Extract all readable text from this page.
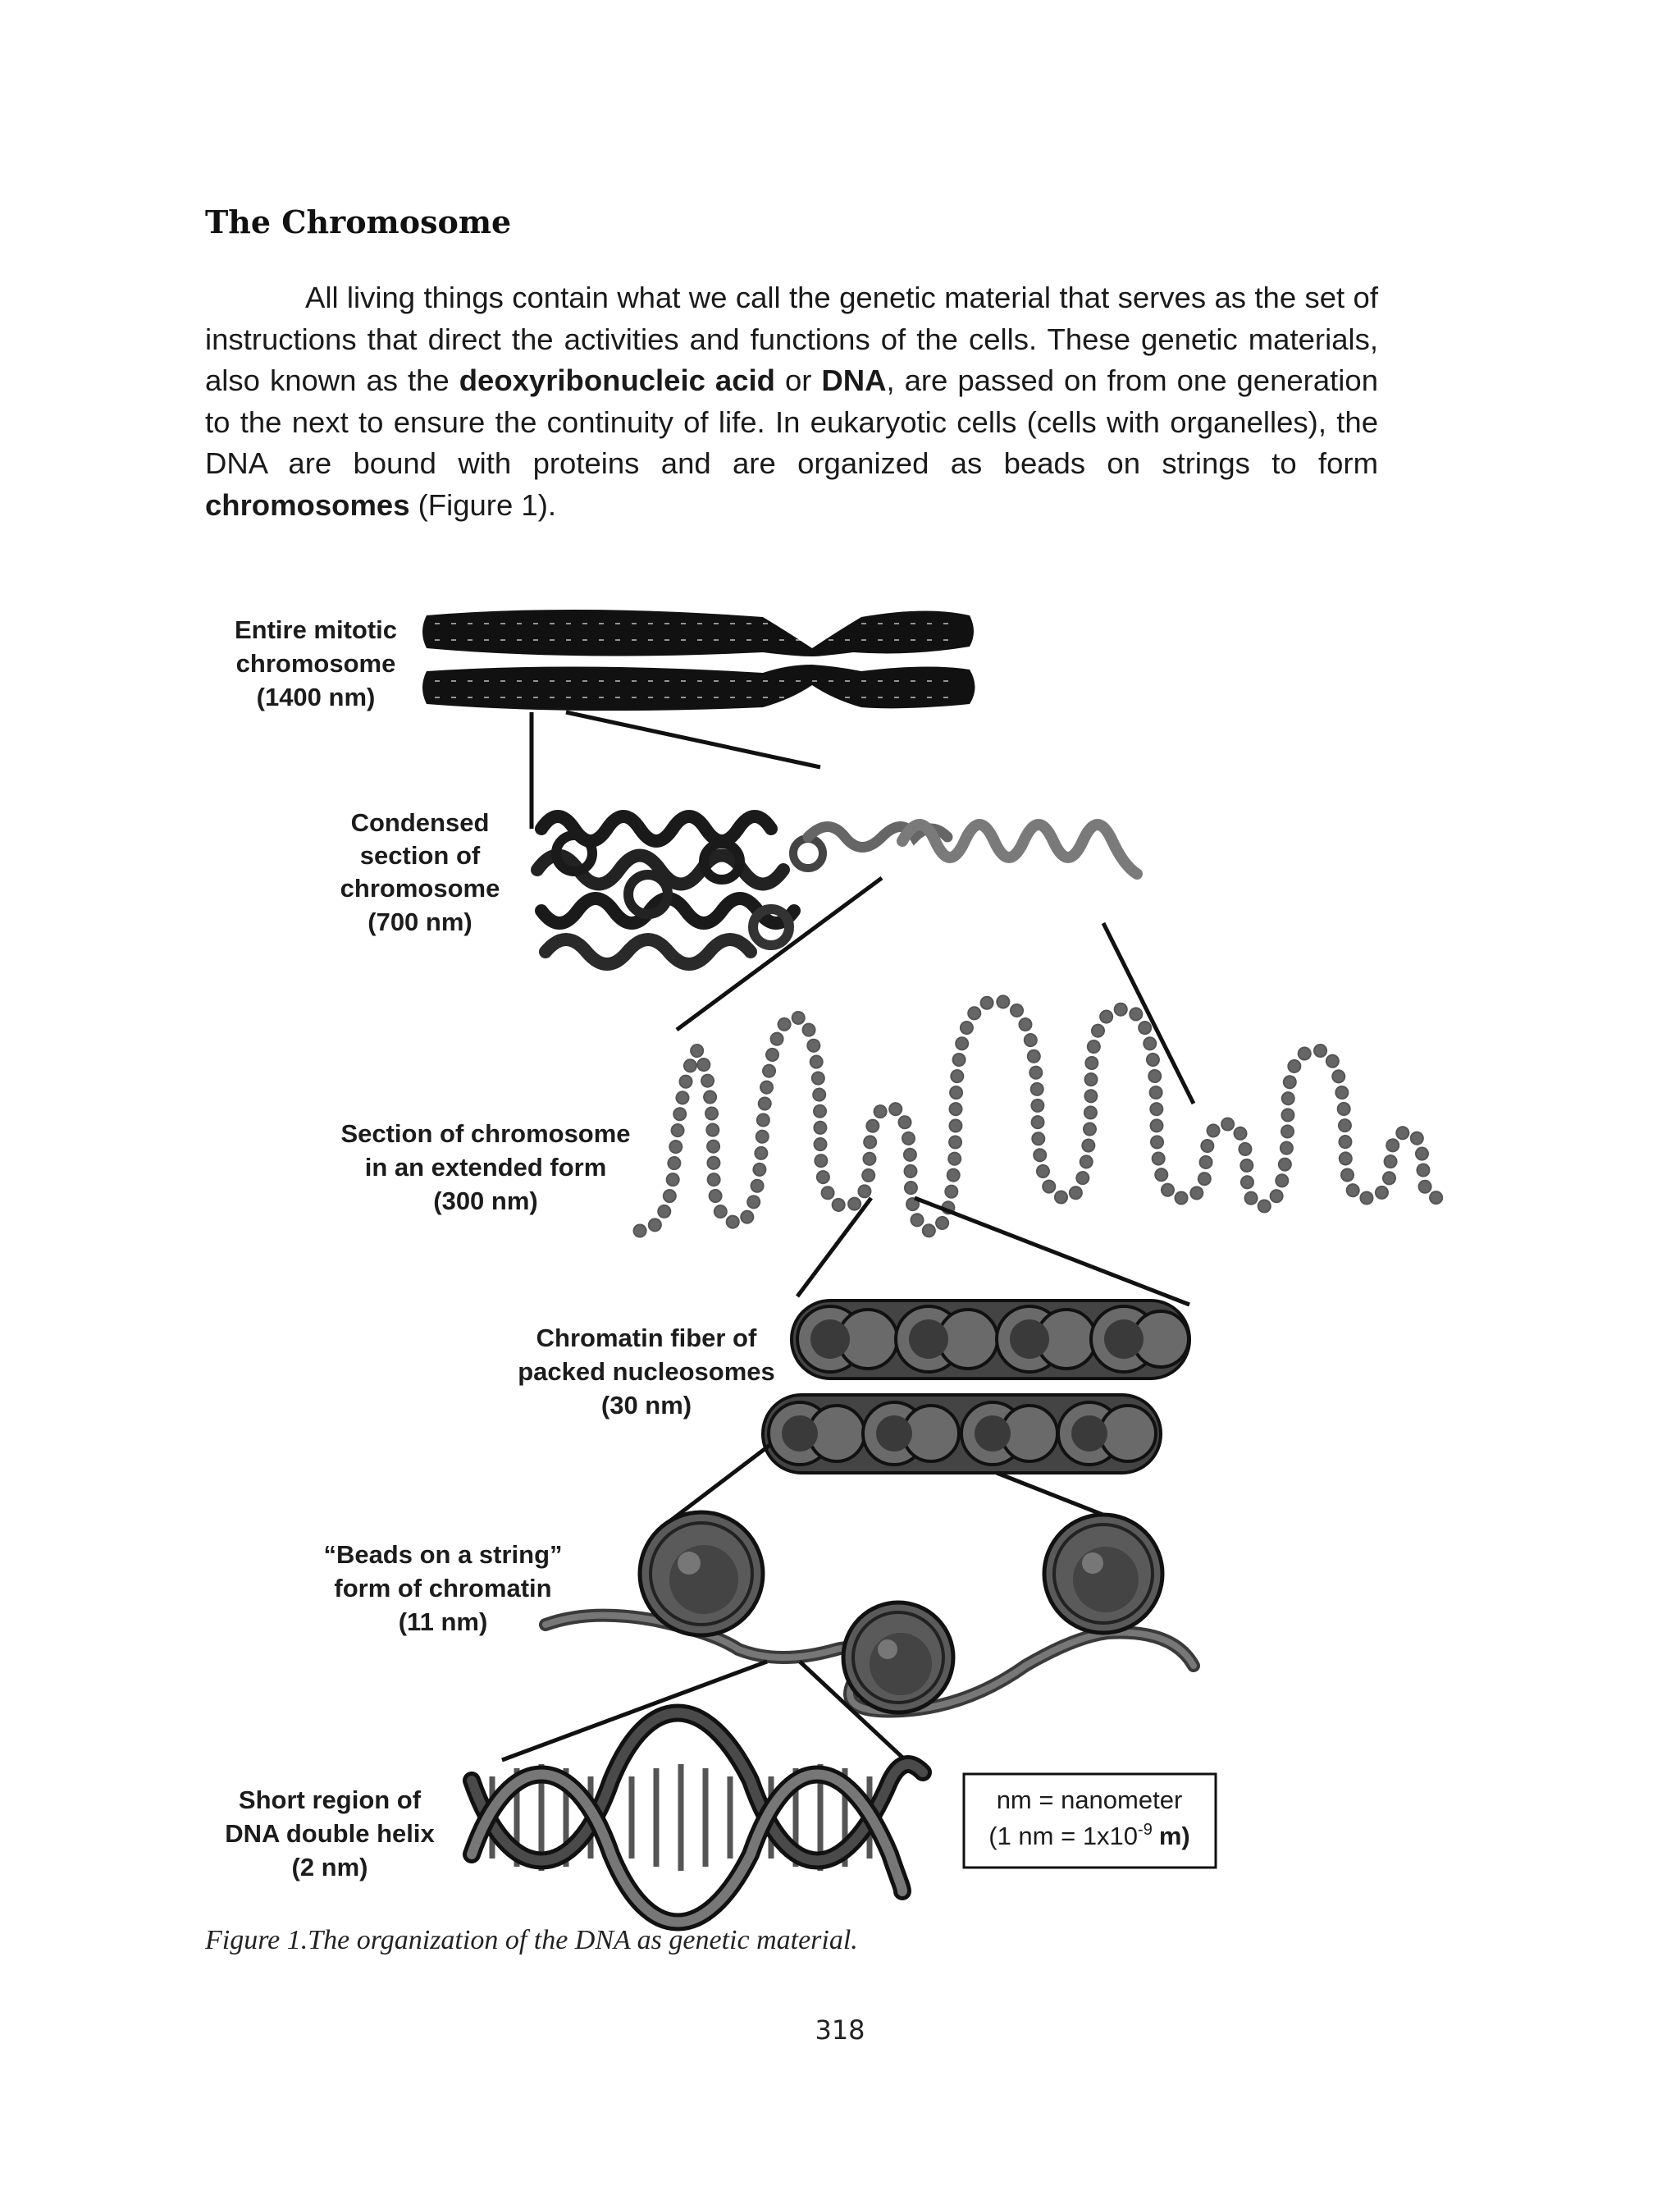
The Chromosome

All living things contain what we call the genetic material that serves as the set of instructions that direct the activities and functions of the cells. These genetic materials, also known as the deoxyribonucleic acid or DNA, are passed on from one generation to the next to ensure the continuity of life. In eukaryotic cells (cells with organelles), the DNA are bound with proteins and are organized as beads on strings to form chromosomes (Figure 1).

Entire mitotic
chromosome
(1400 nm)
Condensed
section of
chromosome
(700 nm)
Section of chromosome
in an extended form
(300 nm)
Chromatin fiber of
packed nucleosomes
(30 nm)
“Beads on a string”
form of chromatin
(11 nm)
Short region of
DNA double helix
(2 nm)
nm = nanometer
(1 nm = $1x10^{-9}$ m)
Figure 1.The organization of the DNA as genetic material.
318
